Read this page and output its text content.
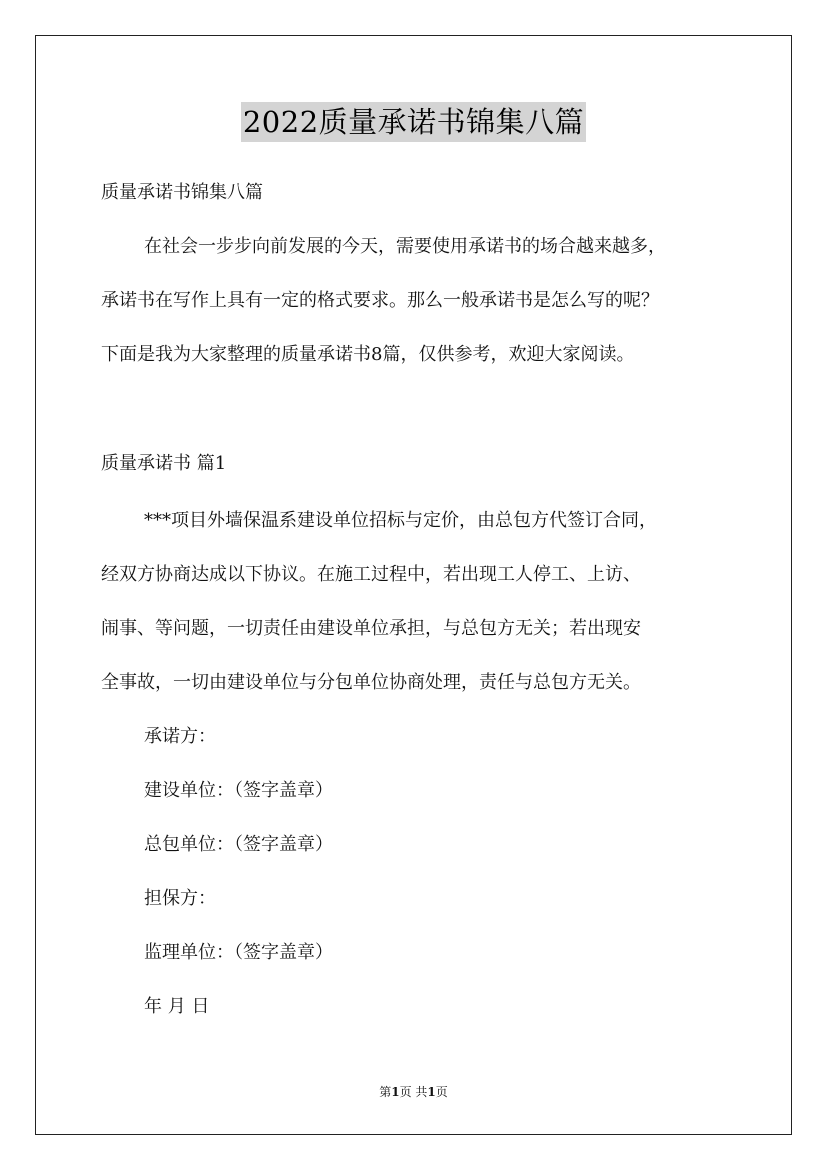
2022质量承诺书锦集八篇
质量承诺书锦集八篇
在社会一步步向前发展的今天，需要使用承诺书的场合越来越多，
承诺书在写作上具有一定的格式要求。那么一般承诺书是怎么写的呢？
下面是我为大家整理的质量承诺书8篇，仅供参考，欢迎大家阅读。
质量承诺书 篇1
***项目外墙保温系建设单位招标与定价，由总包方代签订合同，
经双方协商达成以下协议。在施工过程中，若出现工人停工、上访、
闹事、等问题，一切责任由建设单位承担，与总包方无关；若出现安
全事故，一切由建设单位与分包单位协商处理，责任与总包方无关。
承诺方：
建设单位：（签字盖章）
总包单位：（签字盖章）
担保方：
监理单位：（签字盖章）
年 月 日
第1页 共1页
